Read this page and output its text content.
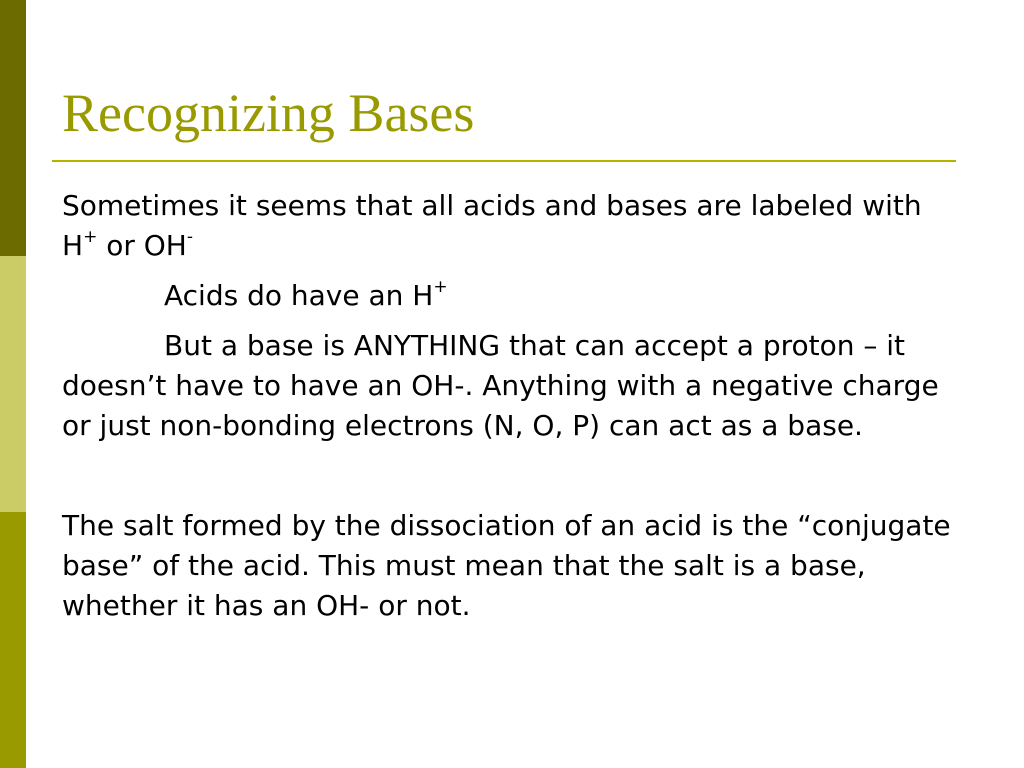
Recognizing Bases

Sometimes it seems that all acids and bases are labeled with H+ or OH-

Acids do have an H+

But a base is ANYTHING that can accept a proton – it doesn’t have to have an OH-. Anything with a negative charge or just non-bonding electrons (N, O, P) can act as a base.

The salt formed by the dissociation of an acid is the “conjugate base” of the acid. This must mean that the salt is a base, whether it has an OH- or not.
